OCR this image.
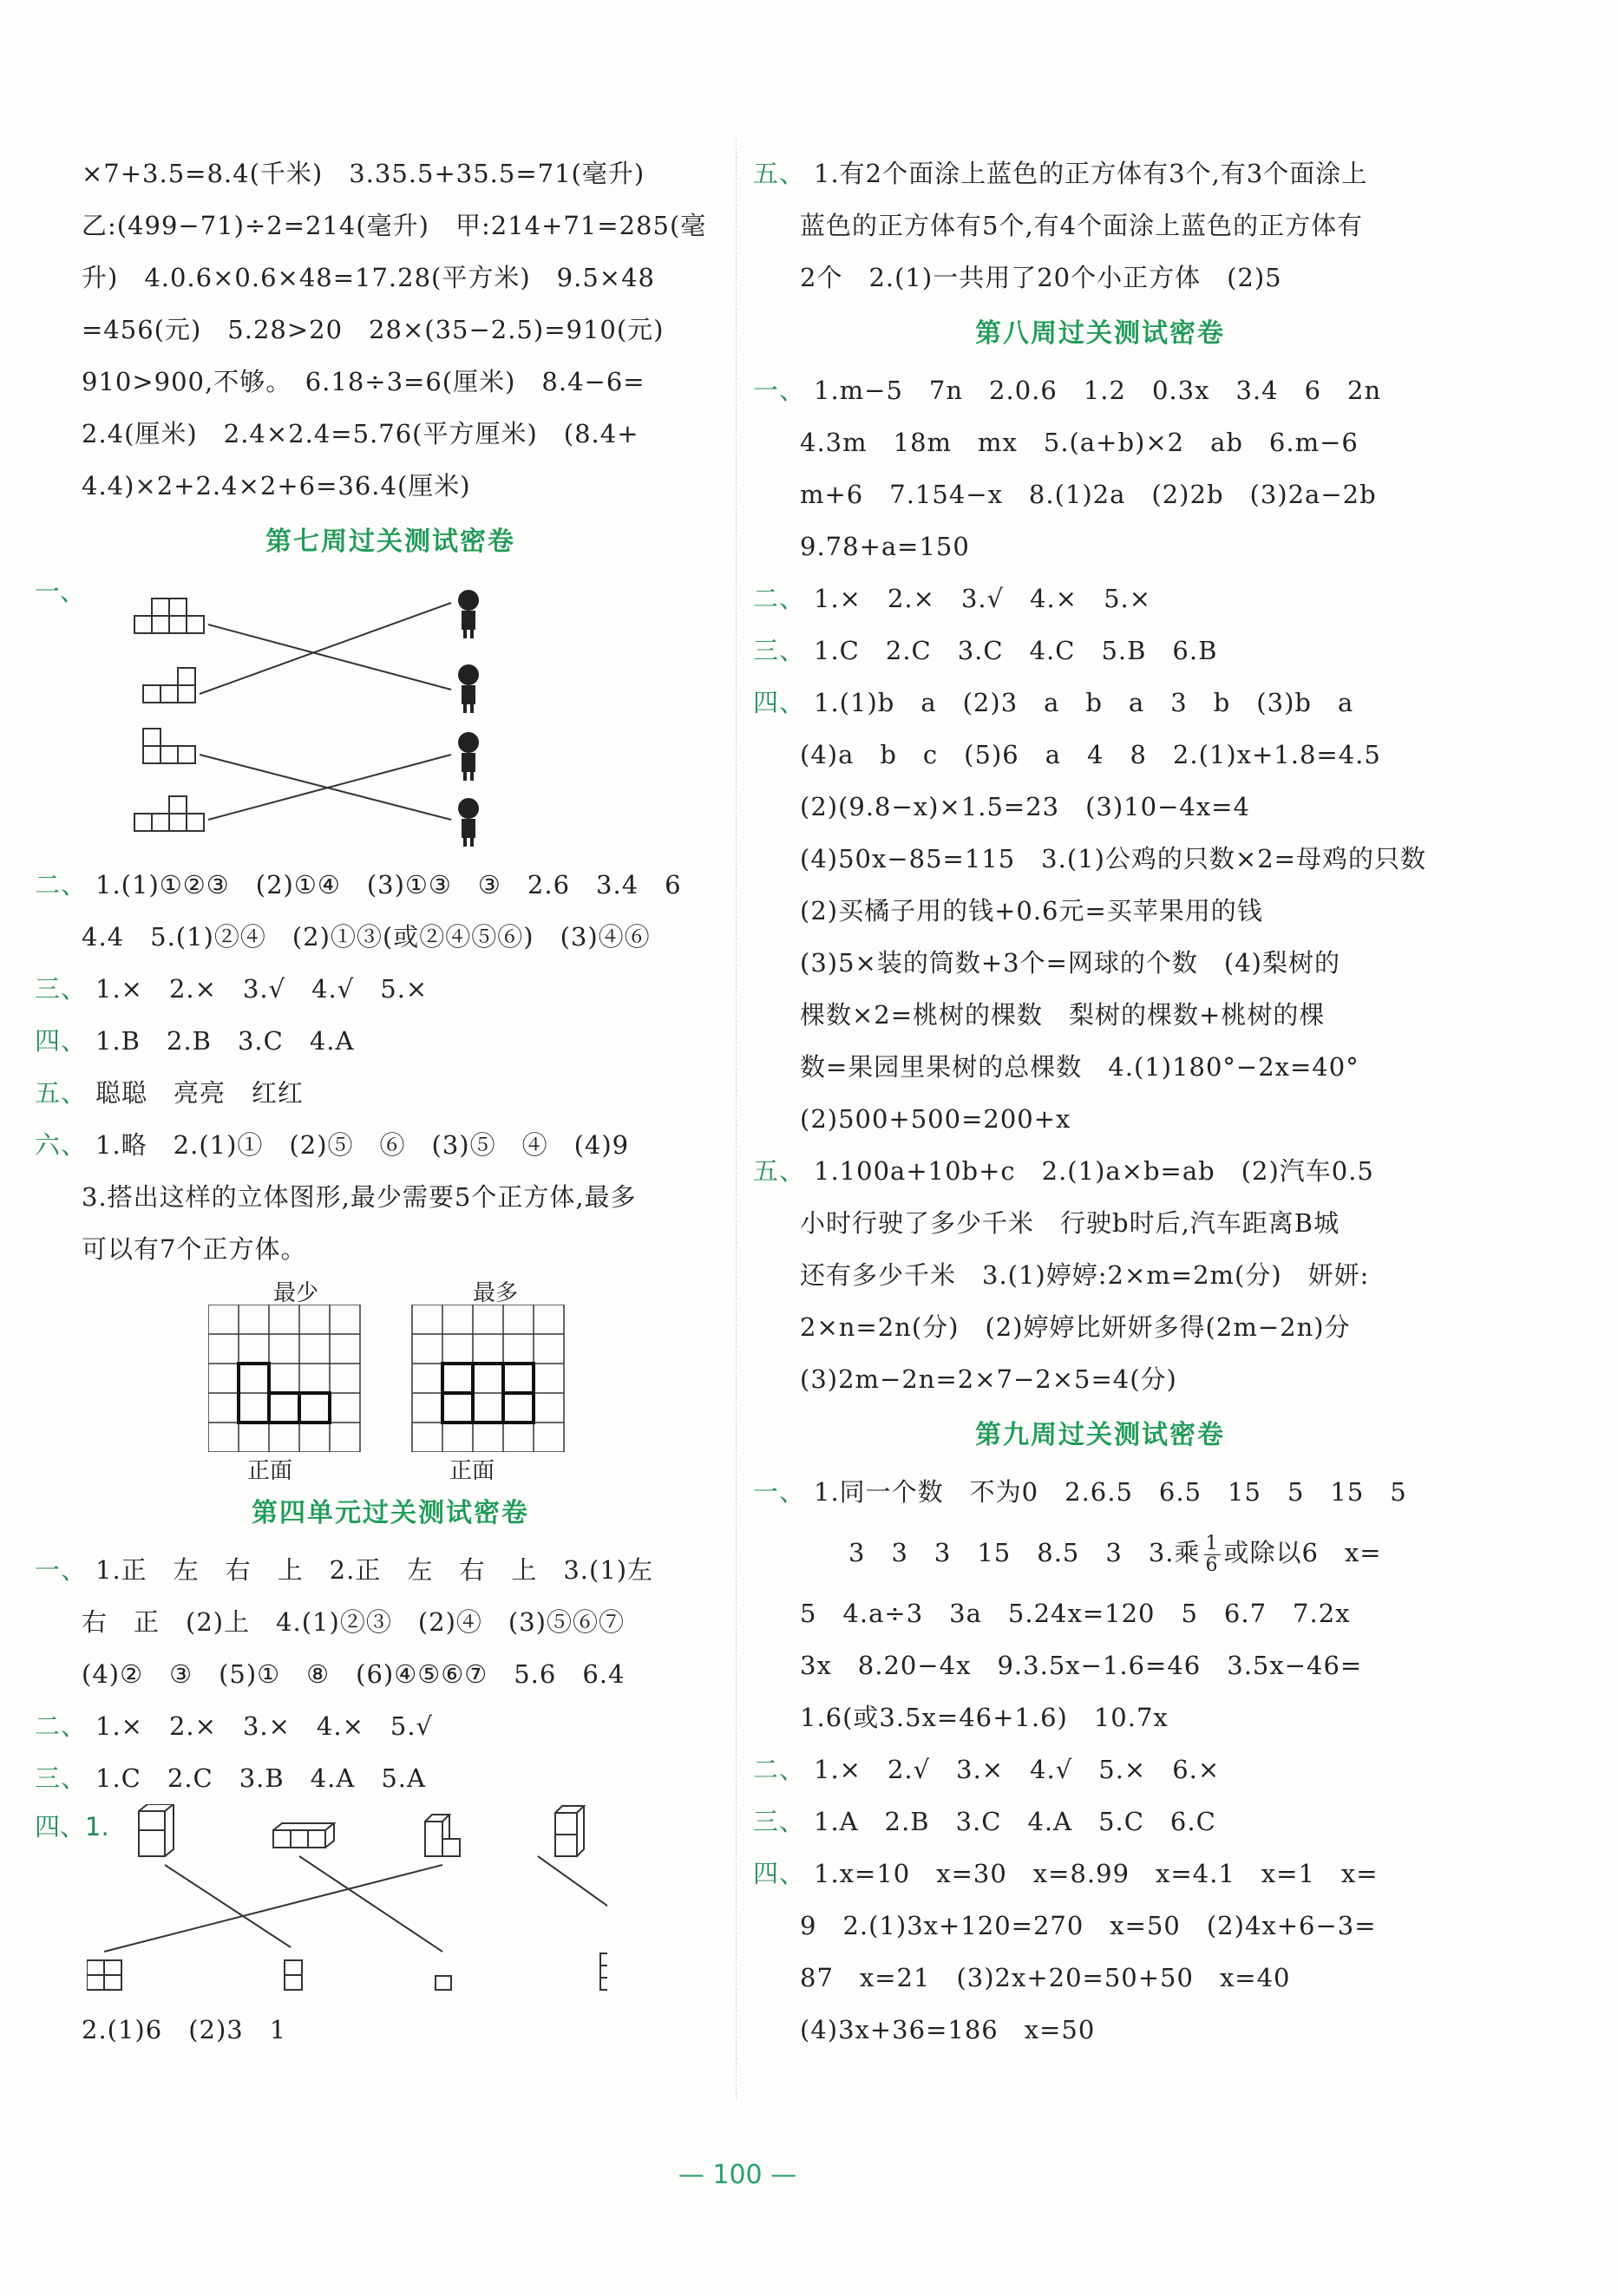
×7+3.5=8.4(千米)　3.35.5+35.5=71(毫升)
乙:(499−71)÷2=214(毫升)　甲:214+71=285(毫
升)　4.0.6×0.6×48=17.28(平方米)　9.5×48
=456(元)　5.28>20　28×(35−2.5)=910(元)
910>900,不够。　6.18÷3=6(厘米)　8.4−6=
2.4(厘米)　2.4×2.4=5.76(平方厘米)　(8.4+
4.4)×2+2.4×2+6=36.4(厘米)
第七周过关测试密卷
一、
二、 1.(1)①②③　(2)①④　(3)①③　③　2.6　3.4　6
4.4　5.(1)②④　(2)①③(或②④⑤⑥)　(3)④⑥
三、 1.×　2.×　3.√　4.√　5.×
四、 1.B　2.B　3.C　4.A
五、 聪聪　亮亮　红红
六、 1.略　2.(1)①　(2)⑤　⑥　(3)⑤　④　(4)9
3.搭出这样的立体图形,最少需要5个正方体,最多
可以有7个正方体。
最少	最多
正面	正面
第四单元过关测试密卷
一、 1.正　左　右　上　2.正　左　右　上　3.(1)左
右　正　(2)上　4.(1)②③　(2)④　(3)⑤⑥⑦
(4)②　③　(5)①　⑧　(6)④⑤⑥⑦　5.6　6.4
二、 1.×　2.×　3.×　4.×　5.√
三、 1.C　2.C　3.B　4.A　5.A
四、1.
2.(1)6　(2)3　1
五、 1.有2个面涂上蓝色的正方体有3个,有3个面涂上
蓝色的正方体有5个,有4个面涂上蓝色的正方体有
2个　2.(1)一共用了20个小正方体　(2)5
第八周过关测试密卷
一、 1.m−5　7n　2.0.6　1.2　0.3x　3.4　6　2n
4.3m　18m　mx　5.(a+b)×2　ab　6.m−6
m+6　7.154−x　8.(1)2a　(2)2b　(3)2a−2b
9.78+a=150
二、 1.×　2.×　3.√　4.×　5.×
三、 1.C　2.C　3.C　4.C　5.B　6.B
四、 1.(1)b　a　(2)3　a　b　a　3　b　(3)b　a
(4)a　b　c　(5)6　a　4　8　2.(1)x+1.8=4.5
(2)(9.8−x)×1.5=23　(3)10−4x=4
(4)50x−85=115　3.(1)公鸡的只数×2=母鸡的只数
(2)买橘子用的钱+0.6元=买苹果用的钱
(3)5×装的筒数+3个=网球的个数　(4)梨树的
棵数×2=桃树的棵数　梨树的棵数+桃树的棵
数=果园里果树的总棵数　4.(1)180°−2x=40°
(2)500+500=200+x
五、 1.100a+10b+c　2.(1)a×b=ab　(2)汽车0.5
小时行驶了多少千米　行驶b时后,汽车距离B城
还有多少千米　3.(1)婷婷:2×m=2m(分)　妍妍:
2×n=2n(分)　(2)婷婷比妍妍多得(2m−2n)分
(3)2m−2n=2×7−2×5=4(分)
第九周过关测试密卷
一、 1.同一个数　不为0　2.6.5　6.5　15　5　15　5
3　3　3　15　8.5　3　3.乘 $\frac{1}{6}$ 或除以6　x=
5　4.a÷3　3a　5.24x=120　5　6.7　7.2x
3x　8.20−4x　9.3.5x−1.6=46　3.5x−46=
1.6(或3.5x=46+1.6)　10.7x
二、 1.×　2.√　3.×　4.√　5.×　6.×
三、 1.A　2.B　3.C　4.A　5.C　6.C
四、 1.x=10　x=30　x=8.99　x=4.1　x=1　x=
9　2.(1)3x+120=270　x=50　(2)4x+6−3=
87　x=21　(3)2x+20=50+50　x=40
(4)3x+36=186　x=50
— 100 —
